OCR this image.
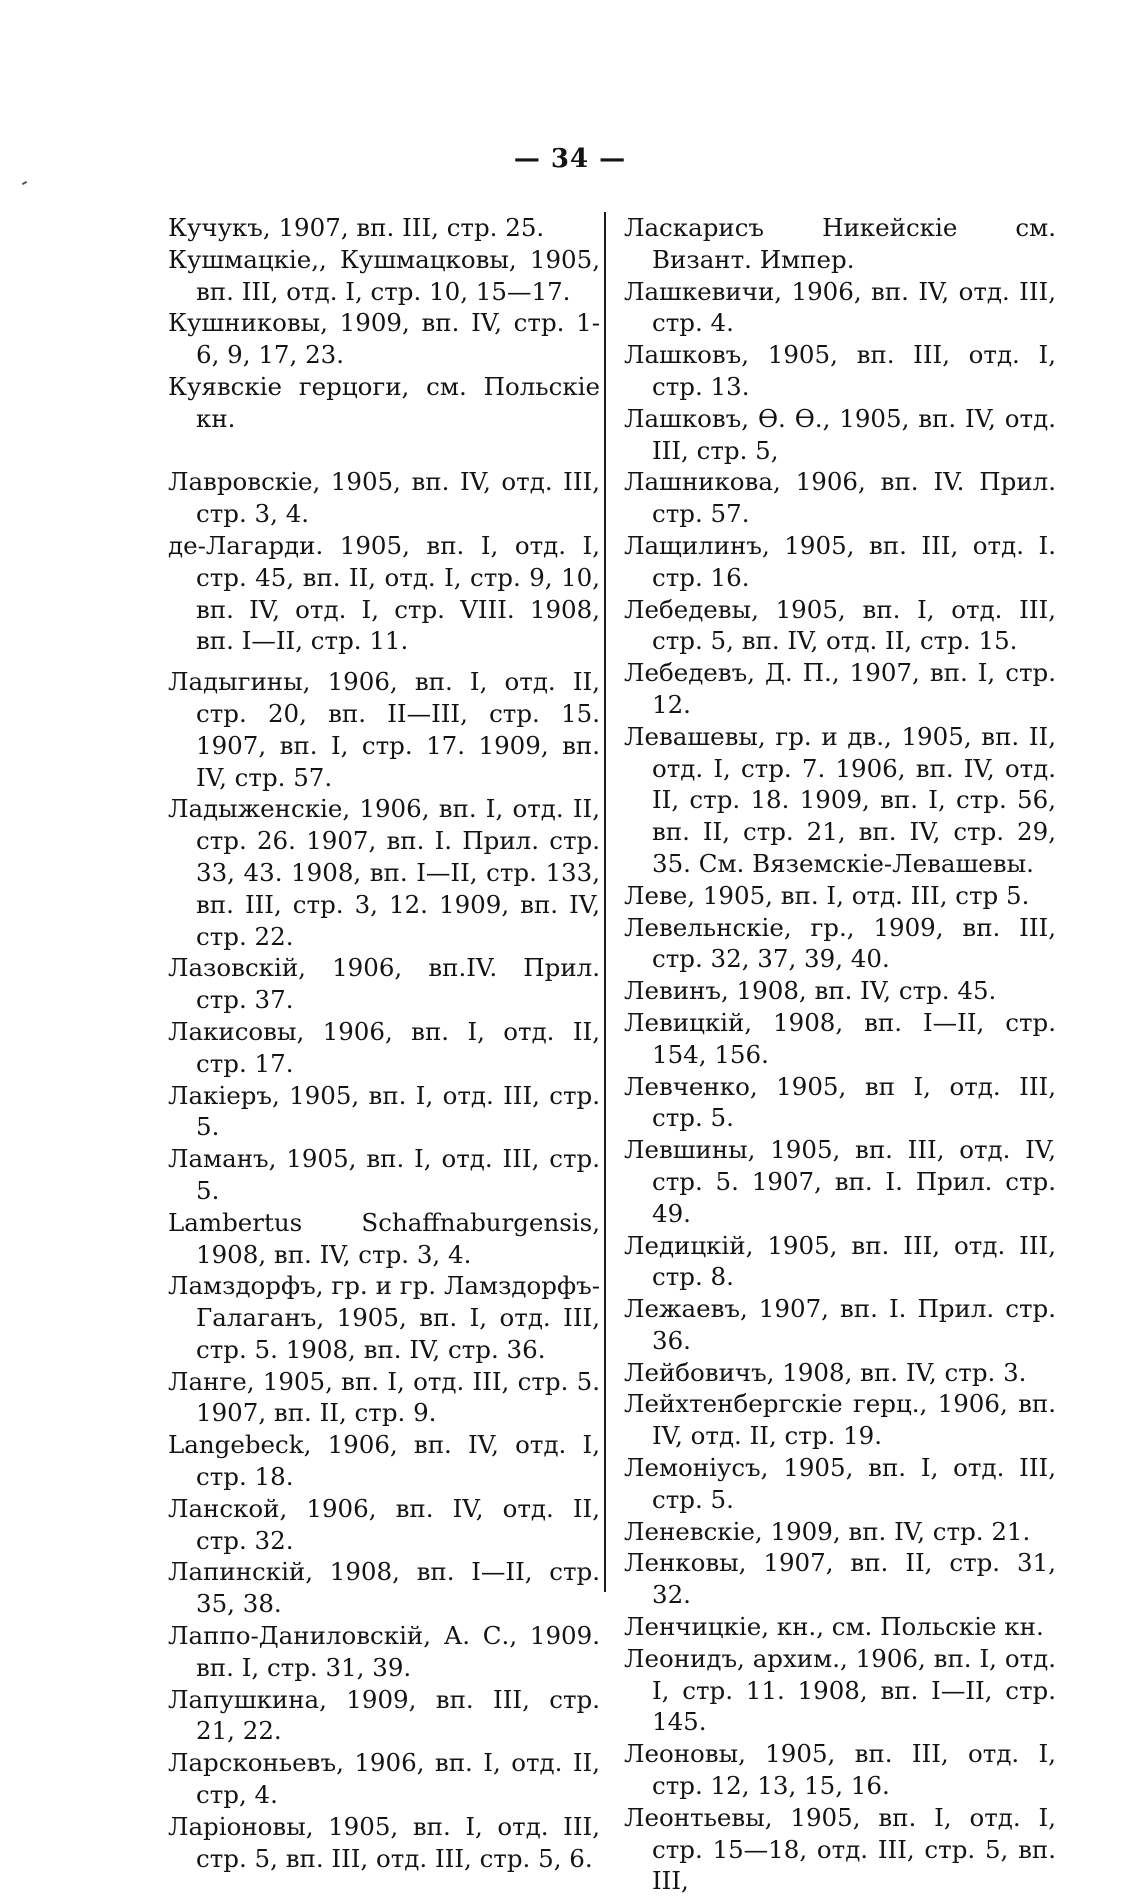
— 34 —

Кучукъ, 1907, вп. III, стр. 25.

Кушмацкіе,, Кушмацковы, 1905, вп. III, отд. I, стр. 10, 15—17.

Кушниковы, 1909, вп. IV, стр. 1-6, 9, 17, 23.

Куявскіе герцоги, см. Польскіе кн.

Лавровскіе, 1905, вп. IV, отд. III, стр. 3, 4.

де-Лагарди. 1905, вп. I, отд. I, стр. 45, вп. II, отд. I, стр. 9, 10, вп. IV, отд. I, стр. VIII. 1908, вп. I—II, стр. 11.

Ладыгины, 1906, вп. I, отд. II, стр. 20, вп. II—III, стр. 15. 1907, вп. I, стр. 17. 1909, вп. IV, стр. 57.

Ладыженскіе, 1906, вп. I, отд. II, стр. 26. 1907, вп. I. Прил. стр. 33, 43. 1908, вп. I—II, стр. 133, вп. III, стр. 3, 12. 1909, вп. IV, стр. 22.

Лазовскій, 1906, вп.IV. Прил. стр. 37.

Лакисовы, 1906, вп. I, отд. II, стр. 17.

Лакіеръ, 1905, вп. I, отд. III, стр. 5.

Ламанъ, 1905, вп. I, отд. III, стр. 5.

Lambertus Schaffnaburgensis, 1908, вп. IV, стр. 3, 4.

Ламздорфъ, гр. и гр. Ламздорфъ-Галаганъ, 1905, вп. I, отд. III, стр. 5. 1908, вп. IV, стр. 36.

Ланге, 1905, вп. I, отд. III, стр. 5. 1907, вп. II, стр. 9.

Langebeck, 1906, вп. IV, отд. I, стр. 18.

Ланской, 1906, вп. IV, отд. II, стр. 32.

Лапинскій, 1908, вп. I—II, стр. 35, 38.

Лаппо-Даниловскій, А. С., 1909. вп. I, стр. 31, 39.

Лапушкина, 1909, вп. III, стр. 21, 22.

Ларсконьевъ, 1906, вп. I, отд. II, стр, 4.

Ларіоновы, 1905, вп. I, отд. III, стр. 5, вп. III, отд. III, стр. 5, 6.

Ласкарисъ Никейскіе см. Визант. Импер.

Лашкевичи, 1906, вп. IV, отд. III, стр. 4.

Лашковъ, 1905, вп. III, отд. I, стр. 13.

Лашковъ, Ѳ. Ѳ., 1905, вп. IV, отд. III, стр. 5,

Лашникова, 1906, вп. IV. Прил. стр. 57.

Лащилинъ, 1905, вп. III, отд. I. стр. 16.

Лебедевы, 1905, вп. I, отд. III, стр. 5, вп. IV, отд. II, стр. 15.

Лебедевъ, Д. П., 1907, вп. I, стр. 12.

Левашевы, гр. и дв., 1905, вп. II, отд. I, стр. 7. 1906, вп. IV, отд. II, стр. 18. 1909, вп. I, стр. 56, вп. II, стр. 21, вп. IV, стр. 29, 35. См. Вяземскіе-Левашевы.

Леве, 1905, вп. I, отд. III, стр 5.

Левельнскіе, гр., 1909, вп. III, стр. 32, 37, 39, 40.

Левинъ, 1908, вп. IV, стр. 45.

Левицкій, 1908, вп. I—II, стр. 154, 156.

Левченко, 1905, вп I, отд. III, стр. 5.

Левшины, 1905, вп. III, отд. IV, стр. 5. 1907, вп. I. Прил. стр. 49.

Ледицкій, 1905, вп. III, отд. III, стр. 8.

Лежаевъ, 1907, вп. I. Прил. стр. 36.

Лейбовичъ, 1908, вп. IV, стр. 3.

Лейхтенбергскіе герц., 1906, вп. IV, отд. II, стр. 19.

Лемоніусъ, 1905, вп. I, отд. III, стр. 5.

Леневскіе, 1909, вп. IV, стр. 21.

Ленковы, 1907, вп. II, стр. 31, 32.

Ленчицкіе, кн., см. Польскіе кн.

Леонидъ, архим., 1906, вп. I, отд. I, стр. 11. 1908, вп. I—II, стр. 145.

Леоновы, 1905, вп. III, отд. I, стр. 12, 13, 15, 16.

Леонтьевы, 1905, вп. I, отд. I, стр. 15—18, отд. III, стр. 5, вп. III,
